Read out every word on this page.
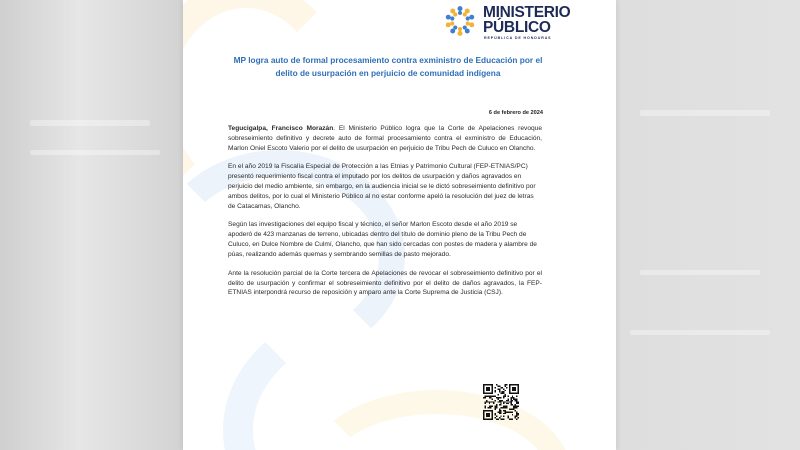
MINISTERIO
PÚBLICO
REPÚBLICA DE HONDURAS
MP logra auto de formal procesamiento contra exministro de Educación por el delito de usurpación en perjuicio de comunidad indígena
6 de febrero de 2024

Tegucigalpa, Francisco Morazán. El Ministerio Público logra que la Corte de Apelaciones revoque sobreseimiento definitivo y decrete auto de formal procesamiento contra el exministro de Educación, Marlon Oniel Escoto Valerio por el delito de usurpación en perjuicio de Tribu Pech de Culuco en Olancho.

En el año 2019 la Fiscalía Especial de Protección a las Etnias y Patrimonio Cultural (FEP-ETNIAS/PC) presentó requerimiento fiscal contra el imputado por los delitos de usurpación y daños agravados en perjuicio del medio ambiente, sin embargo, en la audiencia inicial se le dictó sobreseimiento definitivo por ambos delitos, por lo cual el Ministerio Público al no estar conforme apeló la resolución del juez de letras de Catacamas, Olancho.

Según las investigaciones del equipo fiscal y técnico, el señor Marlon Escoto desde el año 2019 se apoderó de 423 manzanas de terreno, ubicadas dentro del título de dominio pleno de la Tribu Pech de Culuco, en Dulce Nombre de Culmí, Olancho, que han sido cercadas con postes de madera y alambre de púas, realizando además quemas y sembrando semillas de pasto mejorado.

Ante la resolución parcial de la Corte tercera de Apelaciones de revocar el sobreseimiento definitivo por el delito de usurpación y confirmar el sobreseimiento definitivo por el delito de daños agravados, la FEP-ETNIAS interpondrá recurso de reposición y amparo ante la Corte Suprema de Justicia (CSJ).
